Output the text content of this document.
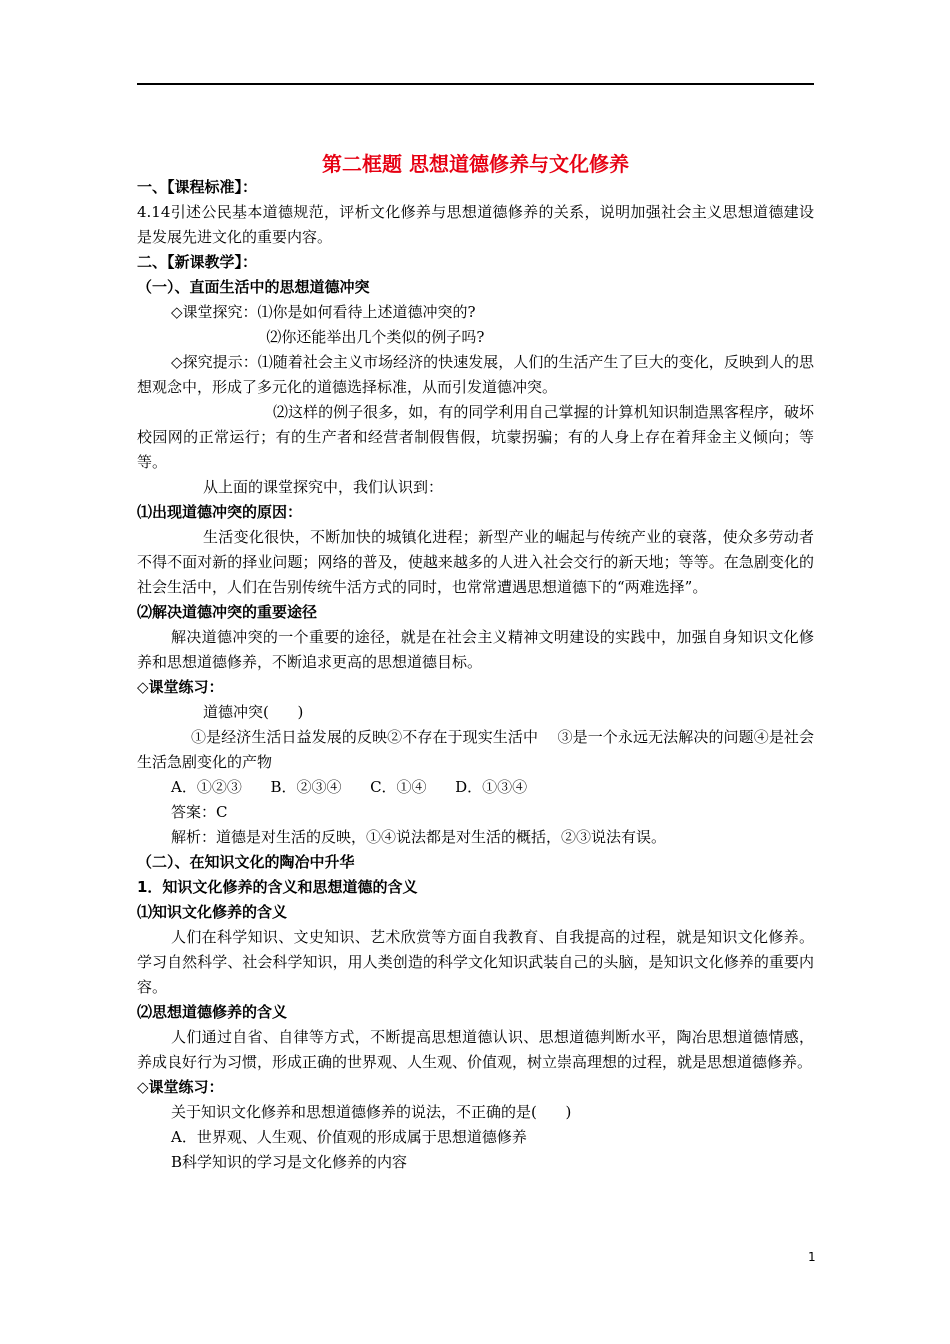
第二框题 思想道德修养与文化修养

一、【课程标准】：

4.14引述公民基本道德规范，评析文化修养与思想道德修养的关系，说明加强社会主义思想道德建设是发展先进文化的重要内容。

二、【新课教学】：

（一）、直面生活中的思想道德冲突

◇课堂探究：⑴你是如何看待上述道德冲突的?

⑵你还能举出几个类似的例子吗?

◇探究提示：⑴随着社会主义市场经济的快速发展，人们的生活产生了巨大的变化，反映到人的思想观念中，形成了多元化的道德选择标准，从而引发道德冲突。

⑵这样的例子很多，如，有的同学利用自己掌握的计算机知识制造黑客程序，破坏校园网的正常运行；有的生产者和经营者制假售假，坑蒙拐骗；有的人身上存在着拜金主义倾向；等等。

从上面的课堂探究中，我们认识到：

⑴出现道德冲突的原因：

生活变化很快，不断加快的城镇化进程；新型产业的崛起与传统产业的衰落，使众多劳动者不得不面对新的择业问题；网络的普及，使越来越多的人进入社会交行的新天地；等等。在急剧变化的社会生活中，人们在告别传统牛活方式的同时，也常常遭遇思想道德下的“两难选择”。

⑵解决道德冲突的重要途径

解决道德冲突的一个重要的途径，就是在社会主义精神文明建设的实践中，加强自身知识文化修养和思想道德修养，不断追求更高的思想道德目标。

◇课堂练习：

道德冲突(      )

①是经济生活日益发展的反映②不存在于现实生活中    ③是一个永远无法解决的问题④是社会生活急剧变化的产物

A．①②③      B．②③④      C．①④      D．①③④

答案：C

解析：道德是对生活的反映，①④说法都是对生活的概括，②③说法有误。

（二）、在知识文化的陶冶中升华

1．知识文化修养的含义和思想道德的含义

⑴知识文化修养的含义

人们在科学知识、文史知识、艺术欣赏等方面自我教育、自我提高的过程，就是知识文化修养。学习自然科学、社会科学知识，用人类创造的科学文化知识武装自己的头脑，是知识文化修养的重要内容。

⑵思想道德修养的含义

人们通过自省、自律等方式，不断提高思想道德认识、思想道德判断水平，陶冶思想道德情感，养成良好行为习惯，形成正确的世界观、人生观、价值观，树立崇高理想的过程，就是思想道德修养。

◇课堂练习：

关于知识文化修养和思想道德修养的说法，不正确的是(      )

A．世界观、人生观、价值观的形成属于思想道德修养

B科学知识的学习是文化修养的内容

1
